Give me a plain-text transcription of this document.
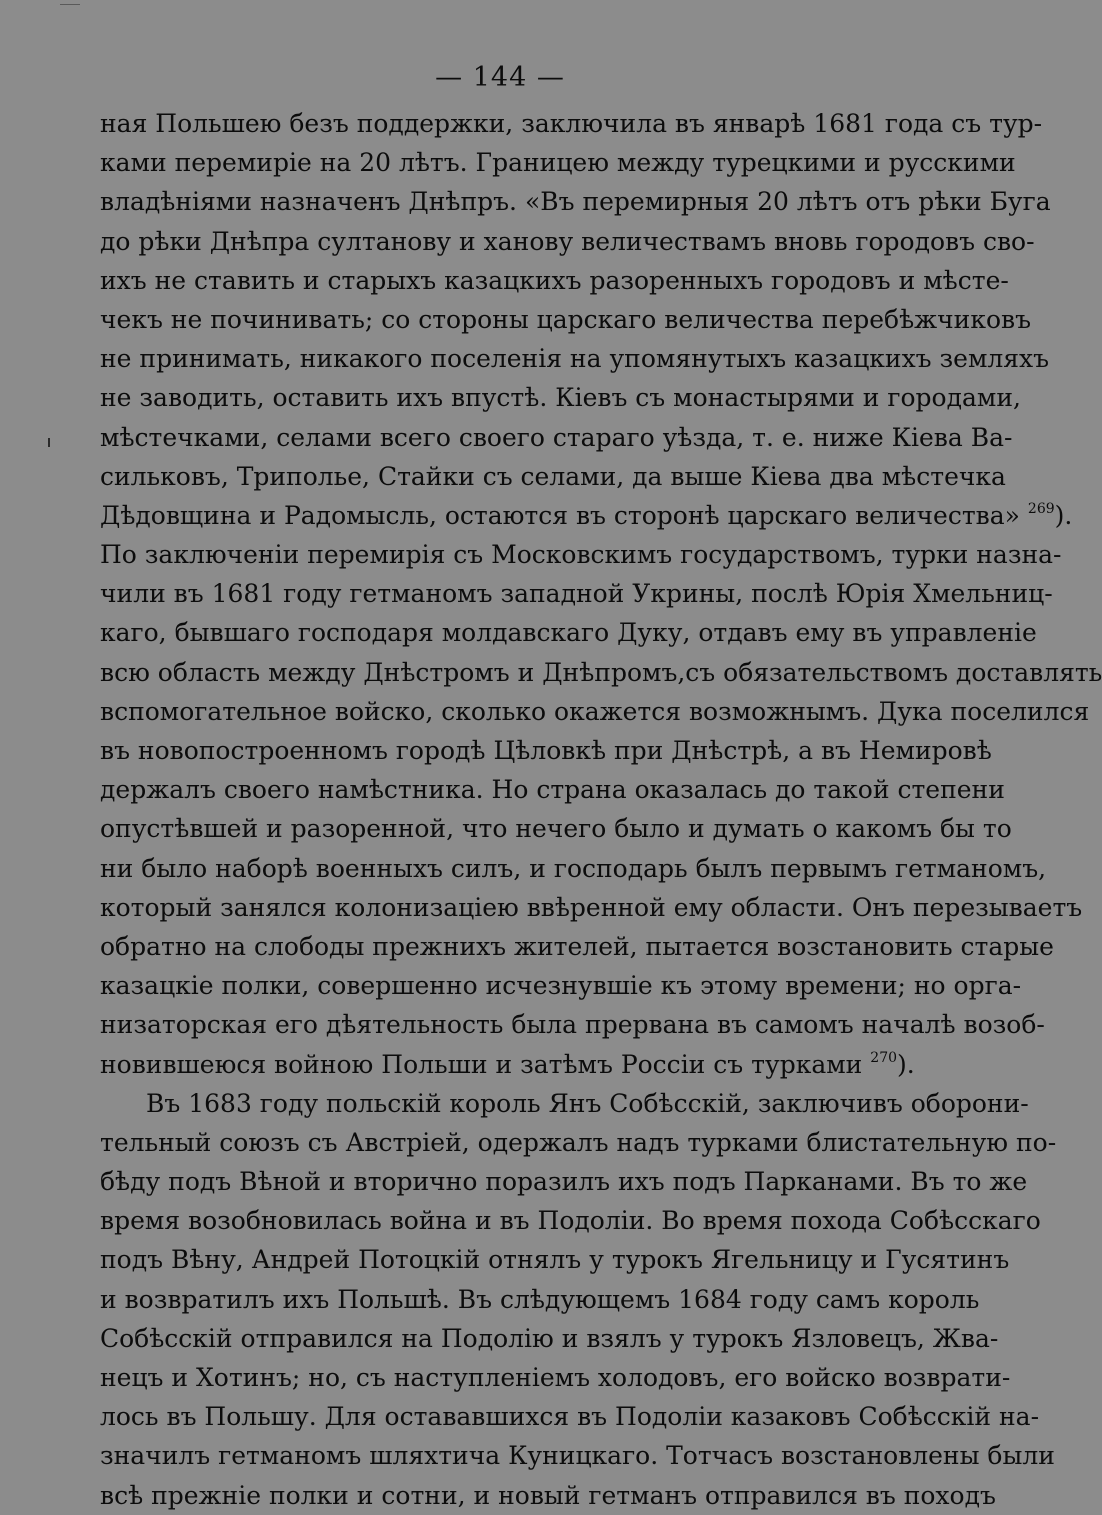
— 144 —
ная Польшею безъ поддержки, заключила въ январѣ 1681 года съ тур-
ками перемиріе на 20 лѣтъ. Границею между турецкими и русскими
владѣніями назначенъ Днѣпръ. «Въ перемирныя 20 лѣтъ отъ рѣки Буга
до рѣки Днѣпра султанову и ханову величествамъ вновь городовъ сво-
ихъ не ставить и старыхъ казацкихъ разоренныхъ городовъ и мѣсте-
чекъ не починивать; со стороны царскаго величества перебѣжчиковъ
не принимать, никакого поселенія на упомянутыхъ казацкихъ земляхъ
не заводить, оставить ихъ впустѣ. Кіевъ съ монастырями и городами,
мѣстечками, селами всего своего стараго уѣзда, т. е. ниже Кіева Ва-
сильковъ, Триполье, Стайки съ селами, да выше Кіева два мѣстечка
Дѣдовщина и Радомысль, остаются въ сторонѣ царскаго величества» $^{269}$).
По заключеніи перемирія съ Московскимъ государствомъ, турки назна-
чили въ 1681 году гетманомъ западной Укрины, послѣ Юрія Хмельниц-
каго, бывшаго господаря молдавскаго Дуку, отдавъ ему въ управленіе
всю область между Днѣстромъ и Днѣпромъ,съ обязательствомъ доставлять
вспомогательное войско, сколько окажется возможнымъ. Дука поселился
въ новопостроенномъ городѣ Цѣловкѣ при Днѣстрѣ, а въ Немировѣ
держалъ своего намѣстника. Но страна оказалась до такой степени
опустѣвшей и разоренной, что нечего было и думать о какомъ бы то
ни было наборѣ военныхъ силъ, и господарь былъ первымъ гетманомъ,
который занялся колонизаціею ввѣренной ему области. Онъ перезываетъ
обратно на слободы прежнихъ жителей, пытается возстановить старые
казацкіе полки, совершенно исчезнувшіе къ этому времени; но орга-
низаторская его дѣятельность была прервана въ самомъ началѣ возоб-
новившеюся войною Польши и затѣмъ Россіи съ турками $^{270}$).
Въ 1683 году польскій король Янъ Собѣсскій, заключивъ оборони-
тельный союзъ съ Австріей, одержалъ надъ турками блистательную по-
бѣду подъ Вѣной и вторично поразилъ ихъ подъ Парканами. Въ то же
время возобновилась война и въ Подоліи. Во время похода Собѣсскаго
подъ Вѣну, Андрей Потоцкій отнялъ у турокъ Ягельницу и Гусятинъ
и возвратилъ ихъ Польшѣ. Въ слѣдующемъ 1684 году самъ король
Собѣсскій отправился на Подолію и взялъ у турокъ Язловецъ, Жва-
нецъ и Хотинъ; но, съ наступленіемъ холодовъ, его войско возврати-
лось въ Польшу. Для остававшихся въ Подоліи казаковъ Собѣсскій на-
значилъ гетманомъ шляхтича Куницкаго. Тотчасъ возстановлены были
всѣ прежніе полки и сотни, и новый гетманъ отправился въ походъ
